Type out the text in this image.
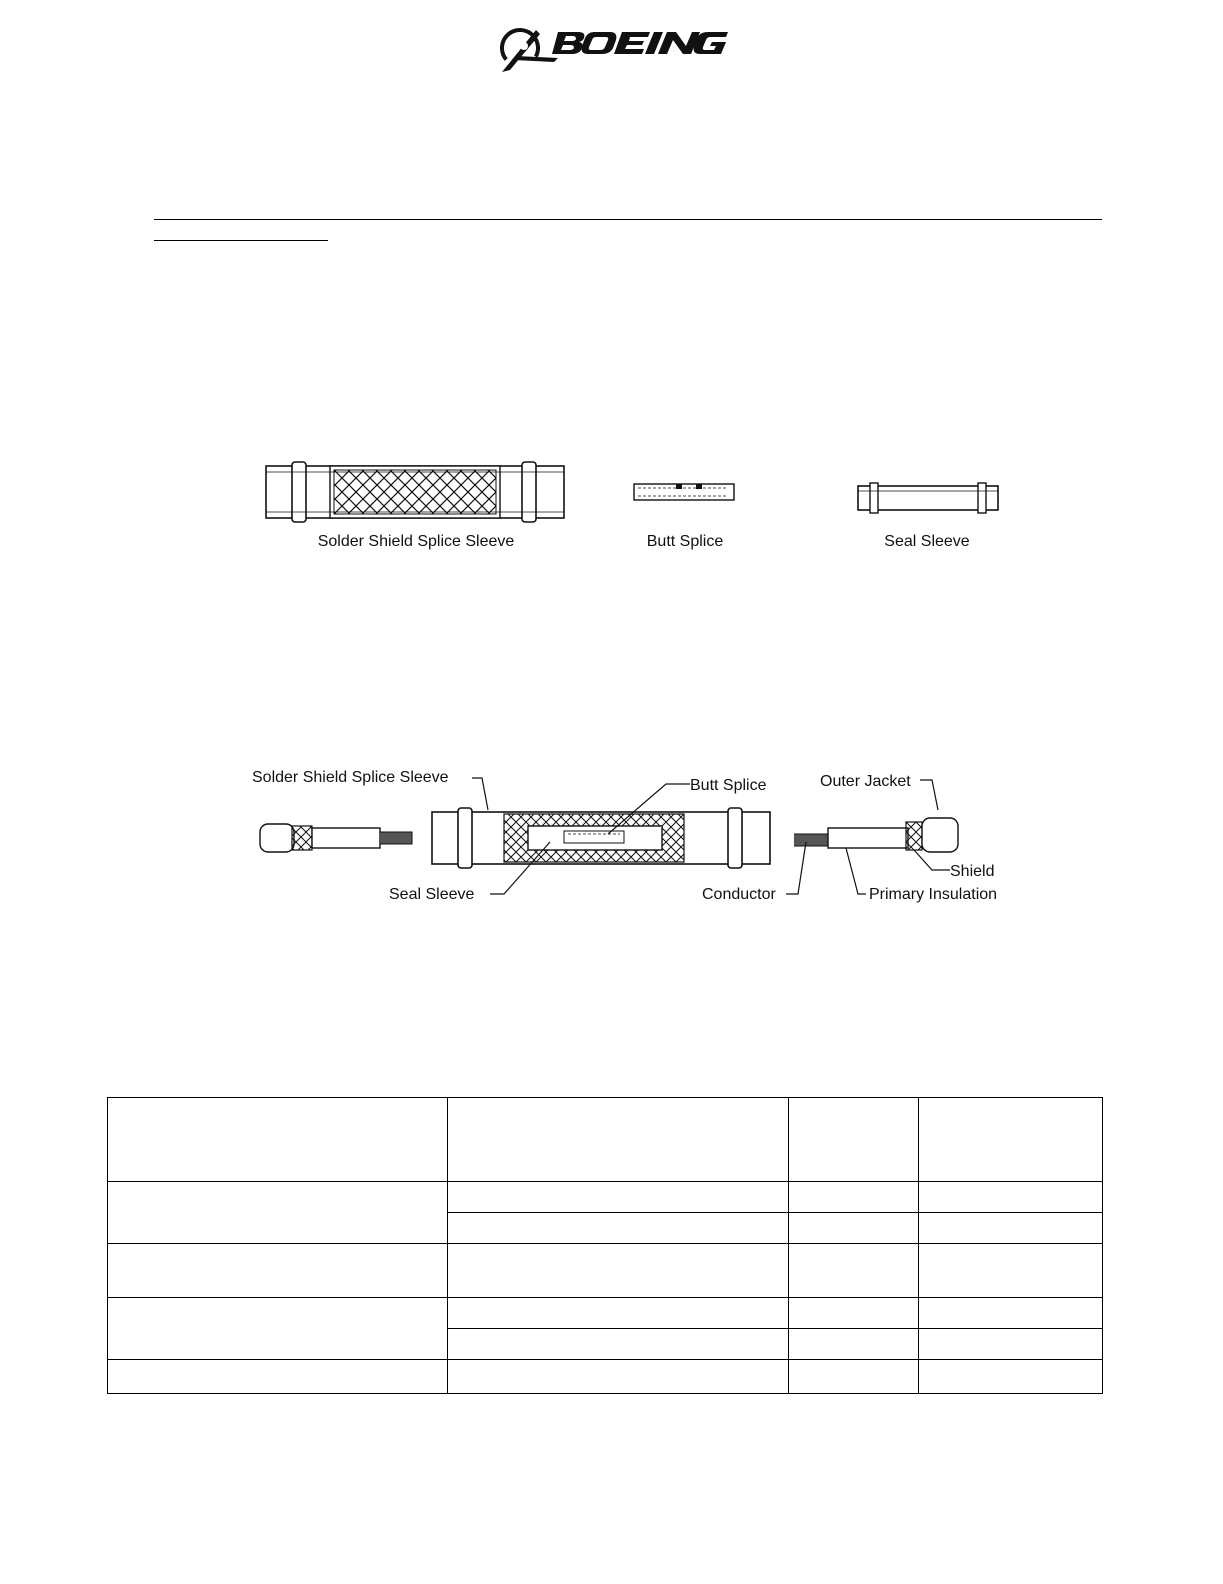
Solder Shield Splice Sleeve	Butt Splice	Seal Sleeve
Solder Shield Splice Sleeve	Butt Splice	Outer Jacket
Shield
Seal Sleeve	Conductor	Primary Insulation
